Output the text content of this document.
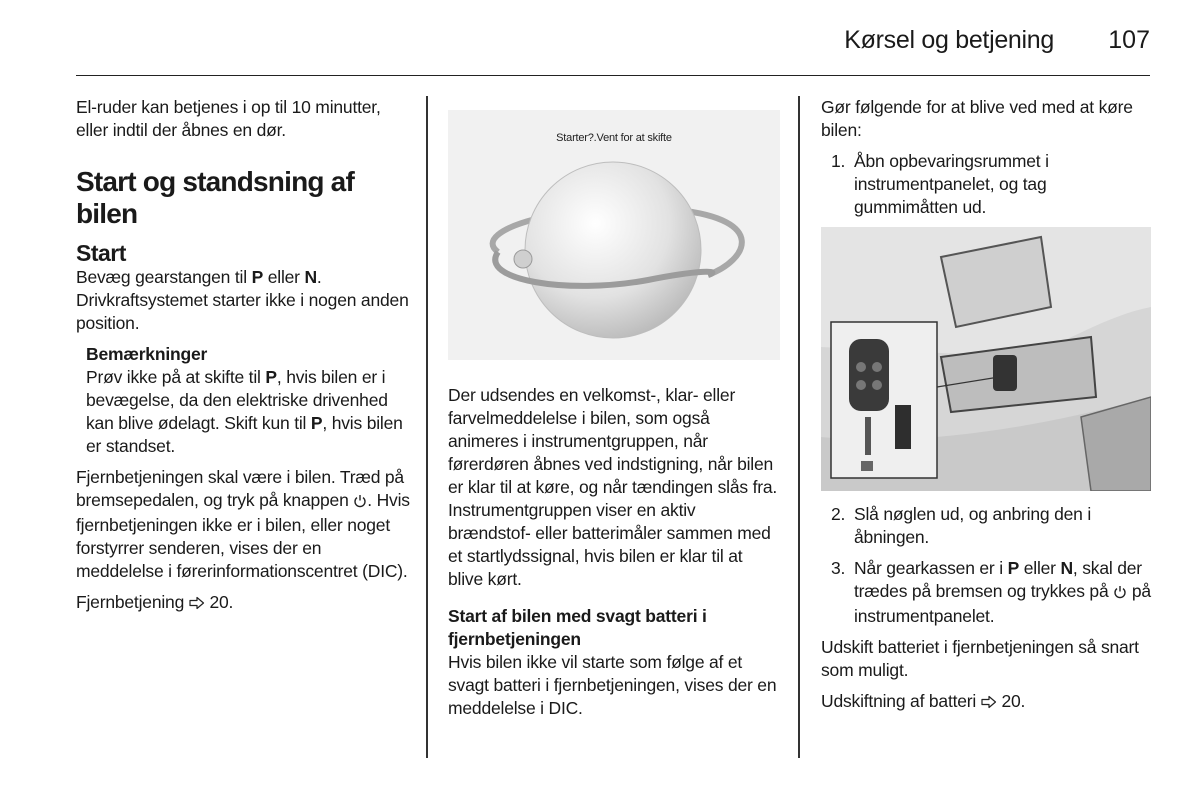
Kørsel og betjening 107

El-ruder kan betjenes i op til 10 minutter, eller indtil der åbnes en dør.

Start og standsning af bilen
Start

Bevæg gearstangen til P eller N. Drivkraftsystemet starter ikke i nogen anden position.

Bemærkninger
Prøv ikke på at skifte til P, hvis bilen er i bevægelse, da den elektriske drivenhed kan blive ødelagt. Skift kun til P, hvis bilen er standset.

Fjernbetjeningen skal være i bilen. Træd på bremsepedalen, og tryk på knappen . Hvis fjernbetjeningen ikke er i bilen, eller noget forstyrrer senderen, vises der en meddelelse i førerinformationscentret (DIC).

Fjernbetjening  20.

Starter?.Vent for at skifte

Der udsendes en velkomst-, klar- eller farvelmeddelelse i bilen, som også animeres i instrumentgruppen, når førerdøren åbnes ved indstigning, når bilen er klar til at køre, og når tændingen slås fra. Instrumentgruppen viser en aktiv brændstof- eller batterimåler sammen med et startlydssignal, hvis bilen er klar til at blive kørt.

Start af bilen med svagt batteri i fjernbetjeningen

Hvis bilen ikke vil starte som følge af et svagt batteri i fjernbetjeningen, vises der en meddelelse i DIC.

Gør følgende for at blive ved med at køre bilen:

1. Åbn opbevaringsrummet i instrumentpanelet, og tag gummimåtten ud.
2. Slå nøglen ud, og anbring den i åbningen.
3. Når gearkassen er i P eller N, skal der trædes på bremsen og trykkes på  på instrumentpanelet.

Udskift batteriet i fjernbetjeningen så snart som muligt.

Udskiftning af batteri  20.
